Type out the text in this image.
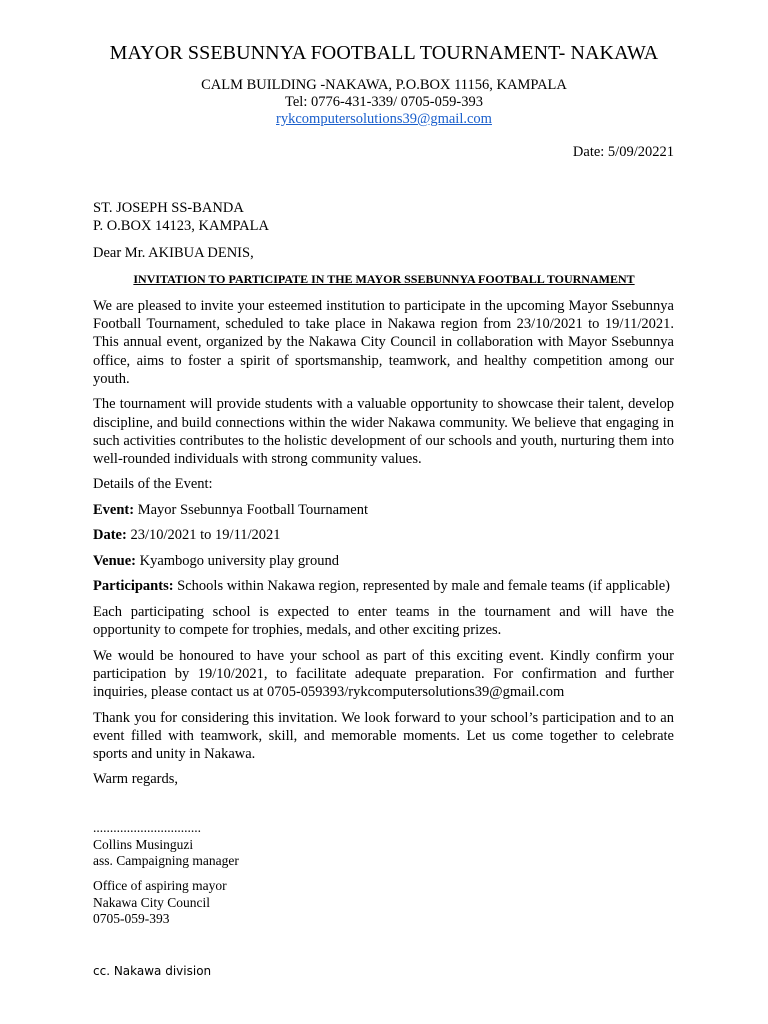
MAYOR SSEBUNNYA FOOTBALL TOURNAMENT- NAKAWA
CALM BUILDING -NAKAWA, P.O.BOX 11156, KAMPALA
Tel: 0776-431-339/ 0705-059-393
rykcomputersolutions39@gmail.com
Date: 5/09/20221
ST. JOSEPH SS-BANDA
P. O.BOX 14123, KAMPALA
Dear Mr. AKIBUA DENIS,
INVITATION TO PARTICIPATE IN THE MAYOR SSEBUNNYA FOOTBALL TOURNAMENT

We are pleased to invite your esteemed institution to participate in the upcoming Mayor Ssebunnya Football Tournament, scheduled to take place in Nakawa region from 23/10/2021 to 19/11/2021. This annual event, organized by the Nakawa City Council in collaboration with Mayor Ssebunnya office, aims to foster a spirit of sportsmanship, teamwork, and healthy competition among our youth.

The tournament will provide students with a valuable opportunity to showcase their talent, develop discipline, and build connections within the wider Nakawa community. We believe that engaging in such activities contributes to the holistic development of our schools and youth, nurturing them into well-rounded individuals with strong community values.

Details of the Event:

Event: Mayor Ssebunnya Football Tournament

Date: 23/10/2021 to 19/11/2021

Venue: Kyambogo university play ground

Participants: Schools within Nakawa region, represented by male and female teams (if applicable)

Each participating school is expected to enter teams in the tournament and will have the opportunity to compete for trophies, medals, and other exciting prizes.

We would be honoured to have your school as part of this exciting event. Kindly confirm your participation by 19/10/2021, to facilitate adequate preparation. For confirmation and further inquiries, please contact us at 0705-059393/rykcomputersolutions39@gmail.com

Thank you for considering this invitation. We look forward to your school’s participation and to an event filled with teamwork, skill, and memorable moments. Let us come together to celebrate sports and unity in Nakawa.

Warm regards,

................................
Collins Musinguzi
ass. Campaigning manager
Office of aspiring mayor
Nakawa City Council
0705-059-393
cc. Nakawa division
